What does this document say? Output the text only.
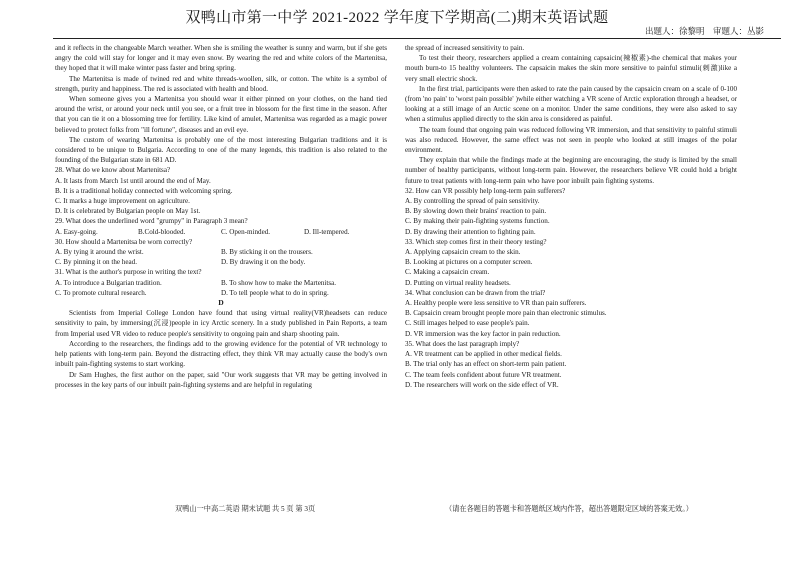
双鸭山市第一中学 2021-2022 学年度下学期高(二)期末英语试题
出题人：徐黎明　审题人：丛影

and it reflects in the changeable March weather. When she is smiling the weather is sunny and warm, but if she gets angry the cold will stay for longer and it may even snow. By wearing the red and white colors of the Martenitsa, they hoped that it will make winter pass faster and bring spring.

The Martenitsa is made of twined red and white threads-woollen, silk, or cotton. The white is a symbol of strength, purity and happiness. The red is associated with health and blood.

When someone gives you a Martenitsa you should wear it either pinned on your clothes, on the hand tied around the wrist, or around your neck until you see, or a fruit tree in blossom for the first time in the season. After that you can tie it on a blossoming tree for fertility. Like kind of amulet, Martenitsa was regarded as a magic power believed to protect folks from "ill fortune", diseases and an evil eye.

The custom of wearing Martenitsa is probably one of the most interesting Bulgarian traditions and it is considered to be unique to Bulgaria. According to one of the many legends, this tradition is also related to the founding of the Bulgarian state in 681 AD.

28. What do we know about Martenitsa?

A. It lasts from March 1st until around the end of May.

B. It is a traditional holiday connected with welcoming spring.

C. It marks a huge improvement on agriculture.

D. It is celebrated by Bulgarian people on May 1st.

29. What does the underlined word "grumpy" in Paragraph 3 mean?

A. Easy-going.	B.Cold-blooded.	C. Open-minded.	D. Ill-tempered.

30. How should a Martenitsa be worn correctly?

A. By tying it around the wrist.	B. By sticking it on the trousers.
C. By pinning it on the head.	D. By drawing it on the body.

31. What is the author's purpose in writing the text?

A. To introduce a Bulgarian tradition.	B. To show how to make the Martenitsa.
C. To promote cultural research.	D. To tell people what to do in spring.

D

Scientists from Imperial College London have found that using virtual reality(VR)headsets can reduce sensitivity to pain, by immersing(沉浸)people in icy Arctic scenery. In a study published in Pain Reports, a team from Imperial used VR video to reduce people's sensitivity to ongoing pain and sharp shooting pain.

According to the researchers, the findings add to the growing evidence for the potential of VR technology to help patients with long-term pain. Beyond the distracting effect, they think VR may actually cause the body's own inbuilt pain-fighting systems to start working.

Dr Sam Hughes, the first author on the paper, said "Our work suggests that VR may be getting involved in processes in the key parts of our inbuilt pain-fighting systems and are helpful in regulating

the spread of increased sensitivity to pain.

To test their theory, researchers applied a cream containing capsaicin(辣椒素)-the chemical that makes your mouth burn-to 15 healthy volunteers. The capsaicin makes the skin more sensitive to painful stimuli(刺激)like a very small electric shock.

In the first trial, participants were then asked to rate the pain caused by the capsaicin cream on a scale of 0-100 (from 'no pain' to 'worst pain possible' )while either watching a VR scene of Arctic exploration through a headset, or looking at a still image of an Arctic scene on a monitor. Under the same conditions, they were also asked to say when a stimulus applied directly to the skin area is considered as painful.

The team found that ongoing pain was reduced following VR immersion, and that sensitivity to painful stimuli was also reduced. However, the same effect was not seen in people who looked at still images of the polar environment.

They explain that while the findings made at the beginning are encouraging, the study is limited by the small number of healthy participants, without long-term pain. However, the researchers believe VR could hold a bright future to treat patients with long-term pain who have poor inbuilt pain fighting systems.

32. How can VR possibly help long-term pain sufferers?

A. By controlling the spread of pain sensitivity.

B. By slowing down their brains' reaction to pain.

C. By making their pain-fighting systems function.

D. By drawing their attention to fighting pain.

33. Which step comes first in their theory testing?

A. Applying capsaicin cream to the skin.

B. Looking at pictures on a computer screen.

C. Making a capsaicin cream.

D. Putting on virtual reality headsets.

34. What conclusion can be drawn from the trial?

A. Healthy people were less sensitive to VR than pain sufferers.

B. Capsaicin cream brought people more pain than electronic stimulus.

C. Still images helped to ease people's pain.

D. VR immersion was the key factor in pain reduction.

35. What does the last paragraph imply?

A. VR treatment can be applied in other medical fields.

B. The trial only has an effect on short-term pain patient.

C. The team feels confident about future VR treatment.

D. The researchers will work on the side effect of VR.

双鸭山一中高二英语 期末试题 共 5 页 第 3页	（请在各题目的答题卡和答题纸区域内作答，超出答题限定区域的答案无效。）
